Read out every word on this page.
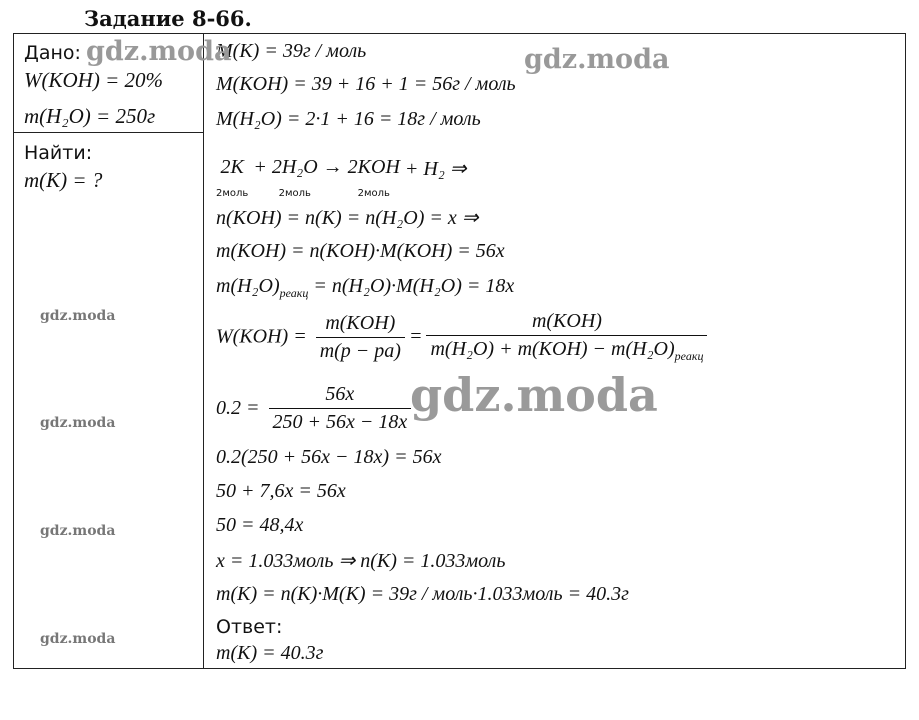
Задание 8-66.
Дано:
W(KOH) = 20%
m(H₂O) = 250г
Найти:
m(K) = ?
M(K) = 39г / моль
M(KOH) = 39 + 16 + 1 = 56г / моль
M(H₂O) = 2·1 + 16 = 18г / моль
2K
2моль + 2H₂O
2моль → 2KOH
2моль + H₂ ⇒
n(KOH) = n(K) = n(H₂O) = x ⇒
m(KOH) = n(KOH)·M(KOH) = 56x
$m(H_2O)_{реакц} = n(H_2O)\cdot M(H_2O) = 18x$
$W(KOH) = \frac{\text{m(KOH)}}{m(p - pa)} = \frac{\text{m(KOH)}}{m(H_2O) + m(KOH) - m(H_2O)_{реакц}}$
$0.2 = \frac{56x}{250 + 56x - 18x}$
0.2(250 + 56x − 18x) = 56x
50 + 7,6x = 56x
50 = 48,4x
x = 1.033моль ⇒ n(K) = 1.033моль
m(K) = n(K)·M(K) = 39г / моль·1.033моль = 40.3г
Ответ:
m(K) = 40.3г
gdz.moda	gdz.moda
gdz.moda
gdz.moda
gdz.moda
gdz.moda
gdz.moda
